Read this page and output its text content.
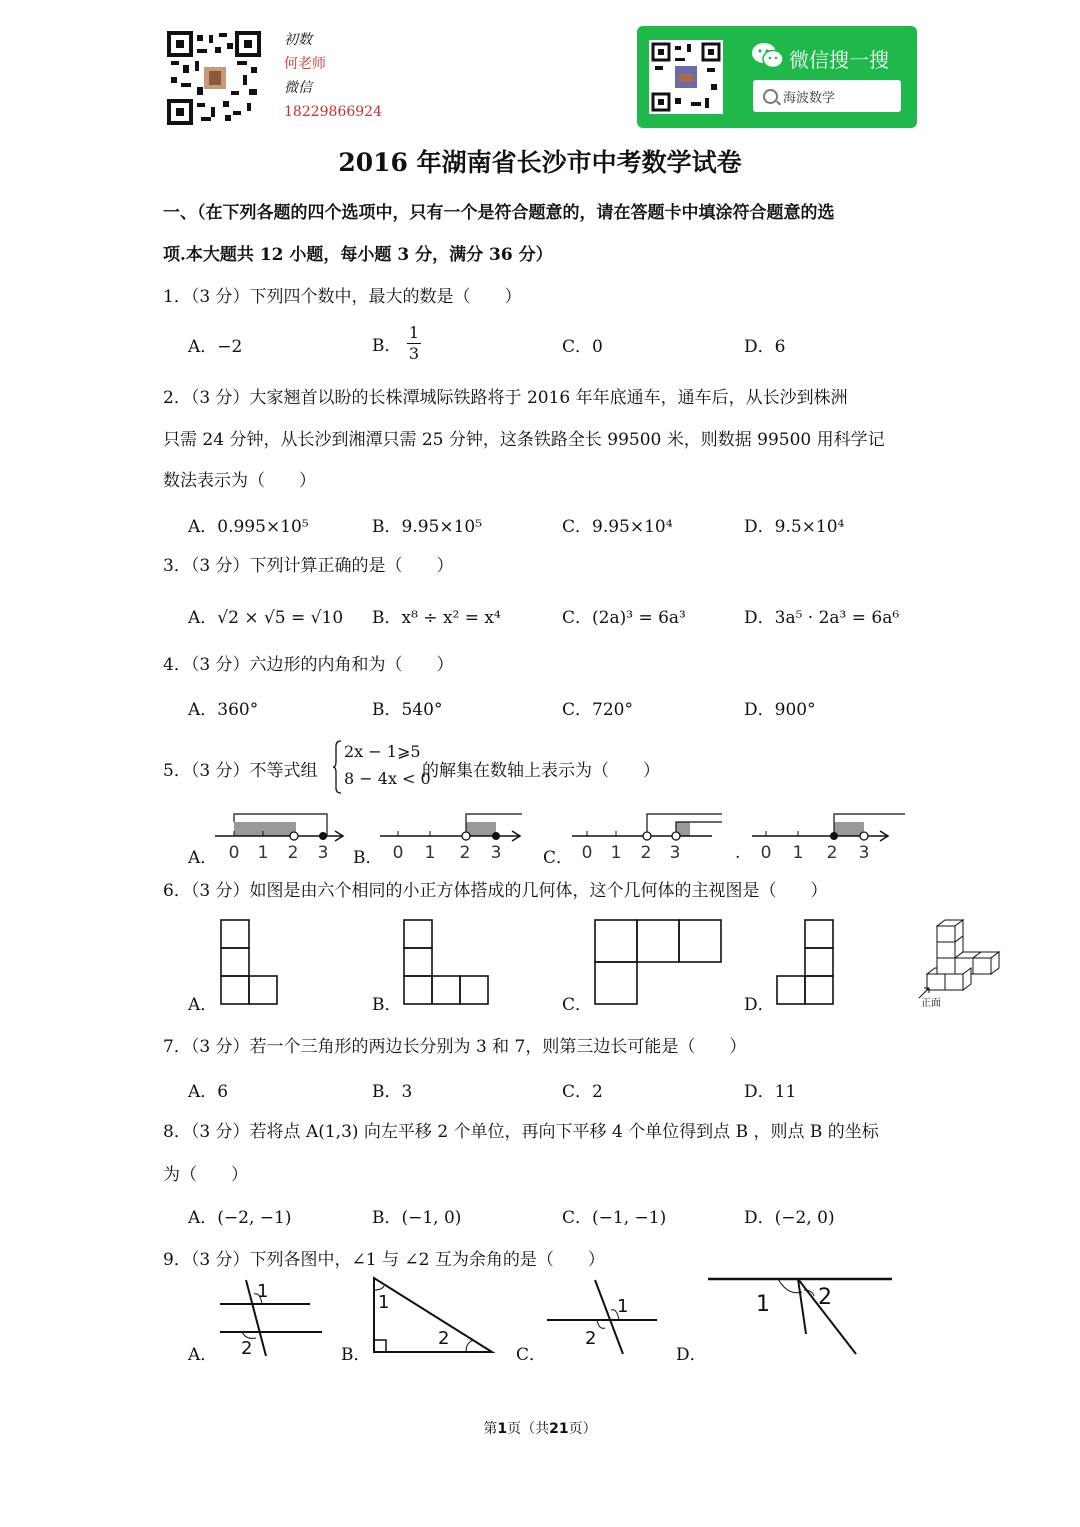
初数
何老师
微信
18229866924
微信搜一搜
海波数学
2016 年湖南省长沙市中考数学试卷
一、（在下列各题的四个选项中，只有一个是符合题意的，请在答题卡中填涂符合题意的选
项.本大题共 12 小题，每小题 3 分，满分 36 分）
1．（3 分）下列四个数中，最大的数是（　　）
A．−2	B． $\frac{1}{3}$	C．0	D．6
2．（3 分）大家翘首以盼的长株潭城际铁路将于 2016 年年底通车，通车后，从长沙到株洲
只需 24 分钟，从长沙到湘潭只需 25 分钟，这条铁路全长 99500 米，则数据 99500 用科学记
数法表示为（　　）
A．0.995×10⁵	B．9.95×10⁵	C．9.95×10⁴	D．9.5×10⁴
3．（3 分）下列计算正确的是（　　）
A．√2 × √5 = √10 B．x⁸ ÷ x² = x⁴	C．(2a)³ = 6a³	D．3a⁵ · 2a³ = 6a⁶
4．（3 分）六边形的内角和为（　　）
A．360°	B．540°	C．720°	D．900°
5．（3 分）不等式组
2x − 1⩾5
8 − 4x < 0
的解集在数轴上表示为（　　）
A．	B．	C．	.
0 1 2 3	0 1 2 3	0 1 2 3	0 1 2 3
6．（3 分）如图是由六个相同的小正方体搭成的几何体，这个几何体的主视图是（　　）
A．	B．	C．	D．	正面
7．（3 分）若一个三角形的两边长分别为 3 和 7，则第三边长可能是（　　）
A．6	B．3	C．2	D．11
8．（3 分）若将点 A(1,3) 向左平移 2 个单位，再向下平移 4 个单位得到点 B ，则点 B 的坐标
为（　　）
A．(−2, −1)	B．(−1, 0)	C．(−1, −1)	D．(−2, 0)
9．（3 分）下列各图中，∠1 与 ∠2 互为余角的是（　　）
A．	B．	C．	D．
1
2
1
2
1
2
1 2
第1页（共21页）
